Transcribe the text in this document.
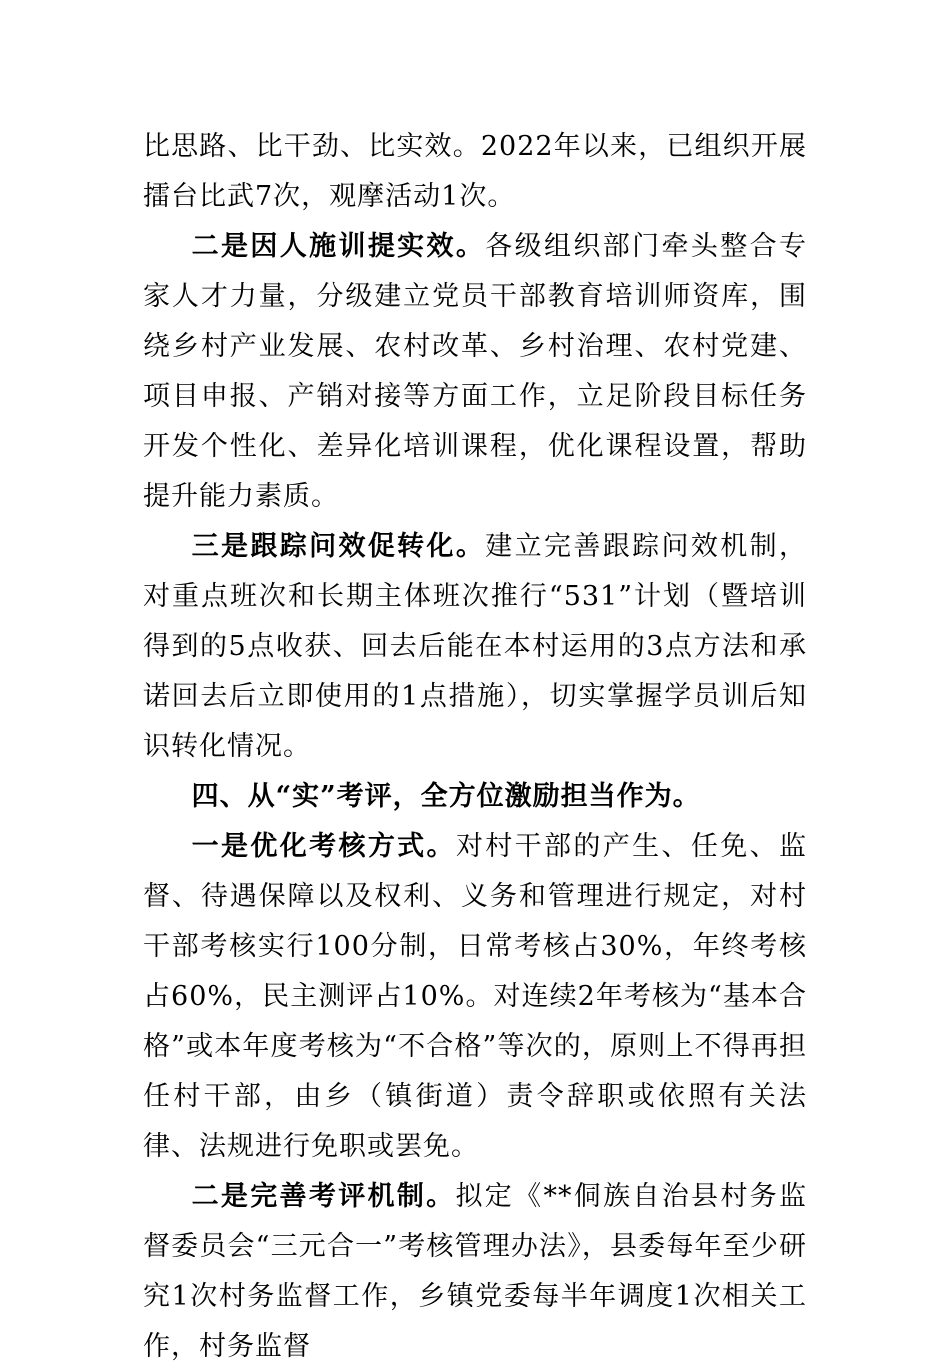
比思路、比干劲、比实效。2022年以来，已组织开展擂台比武7次，观摩活动1次。

二是因人施训提实效。各级组织部门牵头整合专家人才力量，分级建立党员干部教育培训师资库，围绕乡村产业发展、农村改革、乡村治理、农村党建、项目申报、产销对接等方面工作，立足阶段目标任务开发个性化、差异化培训课程，优化课程设置，帮助提升能力素质。

三是跟踪问效促转化。建立完善跟踪问效机制，对重点班次和长期主体班次推行“531”计划（暨培训得到的5点收获、回去后能在本村运用的3点方法和承诺回去后立即使用的1点措施），切实掌握学员训后知识转化情况。

四、从“实”考评，全方位激励担当作为。

一是优化考核方式。对村干部的产生、任免、监督、待遇保障以及权利、义务和管理进行规定，对村干部考核实行100分制，日常考核占30%，年终考核占60%，民主测评占10%。对连续2年考核为“基本合格”或本年度考核为“不合格”等次的，原则上不得再担任村干部，由乡（镇街道）责令辞职或依照有关法律、法规进行免职或罢免。

二是完善考评机制。拟定《**侗族自治县村务监督委员会“三元合一”考核管理办法》，县委每年至少研究1次村务监督工作，乡镇党委每半年调度1次相关工作，村务监督
